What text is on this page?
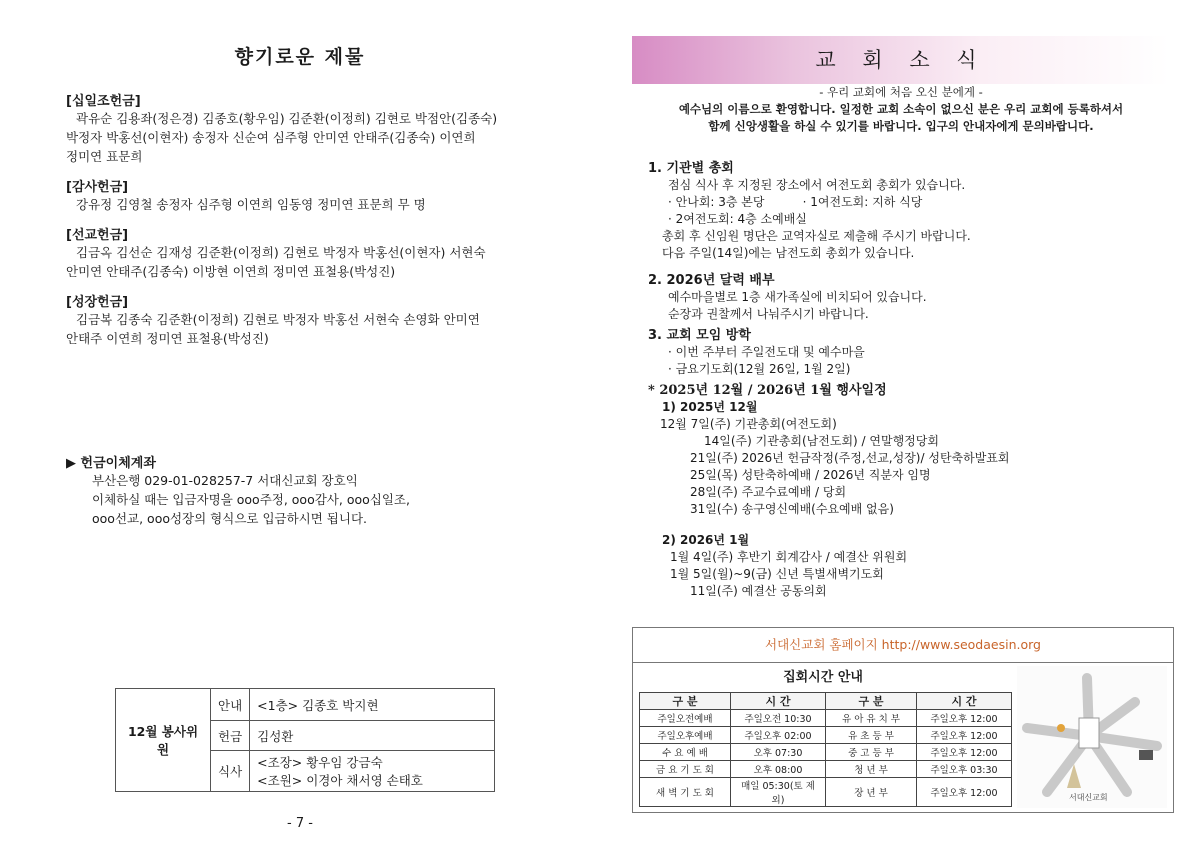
향기로운 제물
[십일조헌금]
곽유순 김용좌(정은경) 김종호(황우임) 김준환(이정희) 김현로 박점안(김종숙)
박정자 박홍선(이현자) 송정자 신순여 심주형 안미연 안태주(김종숙) 이연희
정미연 표문희
[감사헌금]
강유정 김영철 송정자 심주형 이연희 임동영 정미연 표문희 무 명
[선교헌금]
김금옥 김선순 김재성 김준환(이정희) 김현로 박정자 박홍선(이현자) 서현숙
안미연 안태주(김종숙) 이방현 이연희 정미연 표철용(박성진)
[성장헌금]
김금복 김종숙 김준환(이정희) 김현로 박정자 박홍선 서현숙 손영화 안미연
안태주 이연희 정미연 표철용(박성진)
▶ 헌금이체계좌
부산은행 029-01-028257-7 서대신교회 장호익
이체하실 때는 입금자명을 ooo주정, ooo감사, ooo십일조,
ooo선교, ooo성장의 형식으로 입금하시면 됩니다.
12월 봉사위원	안내	<1층> 김종호 박지현
	헌금	김성환
	식사	<조장> 황우임 강금숙
<조원> 이경아 채서영 손태호
- 7 -
교 회 소 식
- 우리 교회에 처음 오신 분에게 -
예수님의 이름으로 환영합니다. 일정한 교회 소속이 없으신 분은 우리 교회에 등록하셔서
함께 신앙생활을 하실 수 있기를 바랍니다. 입구의 안내자에게 문의바랍니다.
1. 기관별 총회
점심 식사 후 지정된 장소에서 여전도회 총회가 있습니다.
· 안나회: 3층 본당          · 1여전도회: 지하 식당
· 2여전도회: 4층 소예배실
총회 후 신임원 명단은 교역자실로 제출해 주시기 바랍니다.
다음 주일(14일)에는 남전도회 총회가 있습니다.
2. 2026년 달력 배부
예수마을별로 1층 새가족실에 비치되어 있습니다.
순장과 권찰께서 나눠주시기 바랍니다.
3. 교회 모임 방학
· 이번 주부터 주일전도대 및 예수마을
· 금요기도회(12월 26일, 1월 2일)
* 2025년 12월 / 2026년 1월 행사일정
1) 2025년 12월
12월 7일(주) 기관총회(여전도회)
14일(주) 기관총회(남전도회) / 연말행정당회
21일(주) 2026년 헌금작정(주정,선교,성장)/ 성탄축하발표회
25일(목) 성탄축하예배 / 2026년 직분자 임명
28일(주) 주교수료예배 / 당회
31일(수) 송구영신예배(수요예배 없음)
2) 2026년 1월
1월 4일(주) 후반기 회계감사 / 예결산 위원회
1월 5일(월)~9(금) 신년 특별새벽기도회
11일(주) 예결산 공동의회
서대신교회 홈페이지 http://www.seodaesin.org
집회시간 안내
구 분	시 간	구 분	시 간
주일오전예배	주일오전 10:30	유 아 유 치 부	주일오후 12:00
주일오후예배	주일오후 02:00	유 초 등 부	주일오후 12:00
수 요 예 배	오후 07:30	중 고 등 부	주일오후 12:00
금 요 기 도 회	오후 08:00	청 년 부	주일오후 03:30
새 벽 기 도 회	매일 05:30(토 제외)	장 년 부	주일오후 12:00	서대신교회
